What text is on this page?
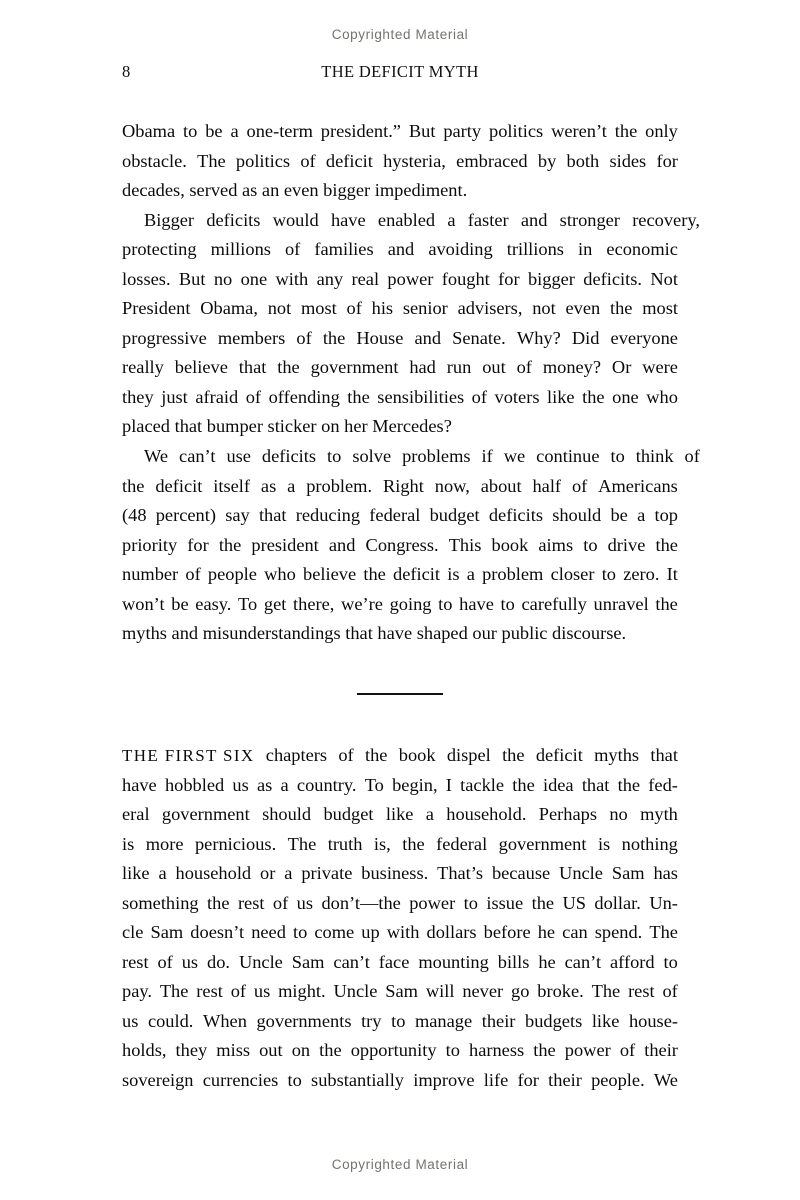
Copyrighted Material
8	THE DEFICIT MYTH

Obama to be a one-term president.” But party politics weren’t the only
obstacle. The politics of deficit hysteria, embraced by both sides for
decades, served as an even bigger impediment.

Bigger deficits would have enabled a faster and stronger recovery,
protecting millions of families and avoiding trillions in economic
losses. But no one with any real power fought for bigger deficits. Not
President Obama, not most of his senior advisers, not even the most
progressive members of the House and Senate. Why? Did everyone
really believe that the government had run out of money? Or were
they just afraid of offending the sensibilities of voters like the one who
placed that bumper sticker on her Mercedes?

We can’t use deficits to solve problems if we continue to think of
the deficit itself as a problem. Right now, about half of Americans
(48 percent) say that reducing federal budget deficits should be a top
priority for the president and Congress. This book aims to drive the
number of people who believe the deficit is a problem closer to zero. It
won’t be easy. To get there, we’re going to have to carefully unravel the
myths and misunderstandings that have shaped our public discourse.

THE FIRST SIX chapters of the book dispel the deficit myths that
have hobbled us as a country. To begin, I tackle the idea that the fed-
eral government should budget like a household. Perhaps no myth
is more pernicious. The truth is, the federal government is nothing
like a household or a private business. That’s because Uncle Sam has
something the rest of us don’t—the power to issue the US dollar. Un-
cle Sam doesn’t need to come up with dollars before he can spend. The
rest of us do. Uncle Sam can’t face mounting bills he can’t afford to
pay. The rest of us might. Uncle Sam will never go broke. The rest of
us could. When governments try to manage their budgets like house-
holds, they miss out on the opportunity to harness the power of their
sovereign currencies to substantially improve life for their people. We

Copyrighted Material
